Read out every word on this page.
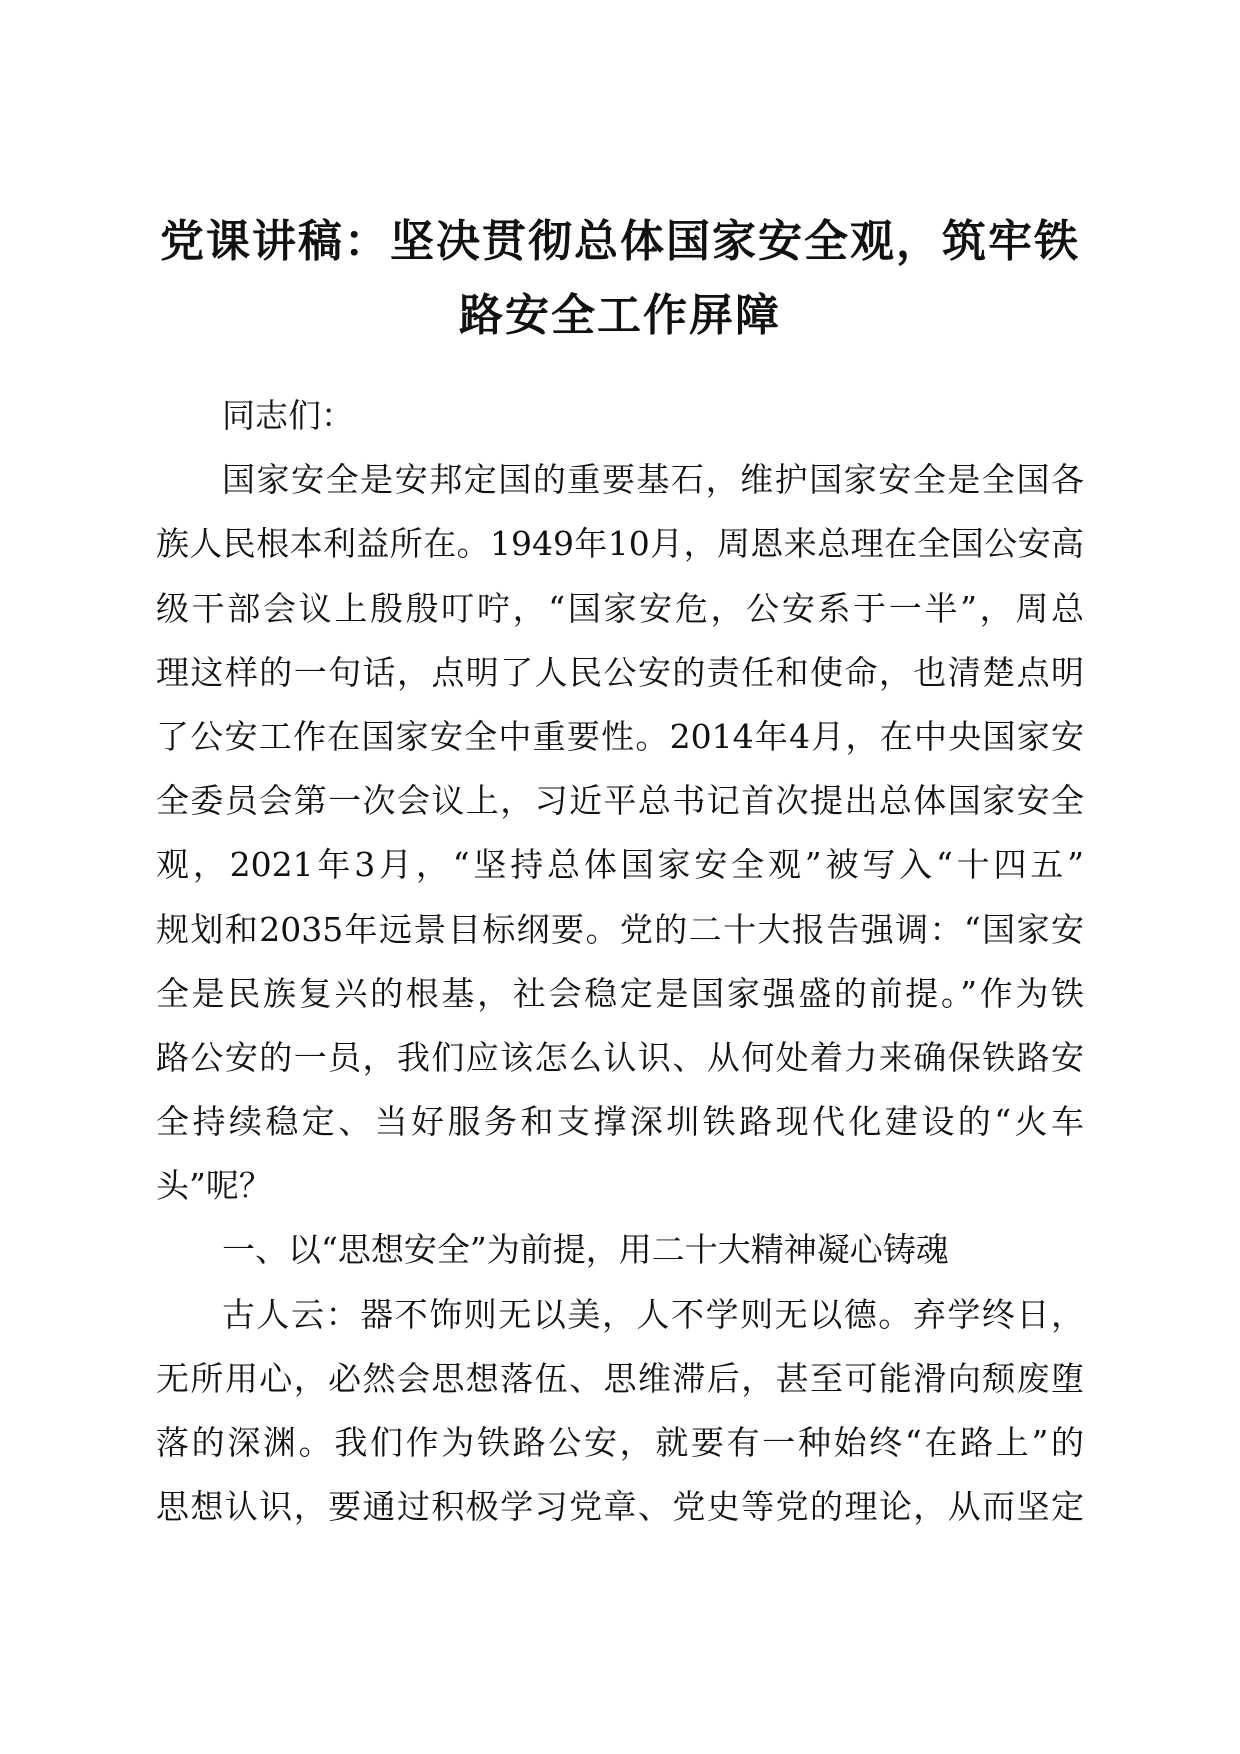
党课讲稿：坚决贯彻总体国家安全观，筑牢铁
路安全工作屏障
同志们：
国家安全是安邦定国的重要基石，维护国家安全是全国各
族人民根本利益所在。1949年10月，周恩来总理在全国公安高
级干部会议上殷殷叮咛，“国家安危，公安系于一半”，周总
理这样的一句话，点明了人民公安的责任和使命，也清楚点明
了公安工作在国家安全中重要性。2014年4月，在中央国家安
全委员会第一次会议上，习近平总书记首次提出总体国家安全
观，2021年3月，“坚持总体国家安全观”被写入“十四五”
规划和2035年远景目标纲要。党的二十大报告强调：“国家安
全是民族复兴的根基，社会稳定是国家强盛的前提。”作为铁
路公安的一员，我们应该怎么认识、从何处着力来确保铁路安
全持续稳定、当好服务和支撑深圳铁路现代化建设的“火车
头”呢？
一、以“思想安全”为前提，用二十大精神凝心铸魂
古人云：器不饰则无以美，人不学则无以德。弃学终日，
无所用心，必然会思想落伍、思维滞后，甚至可能滑向颓废堕
落的深渊。我们作为铁路公安，就要有一种始终“在路上”的
思想认识，要通过积极学习党章、党史等党的理论，从而坚定
